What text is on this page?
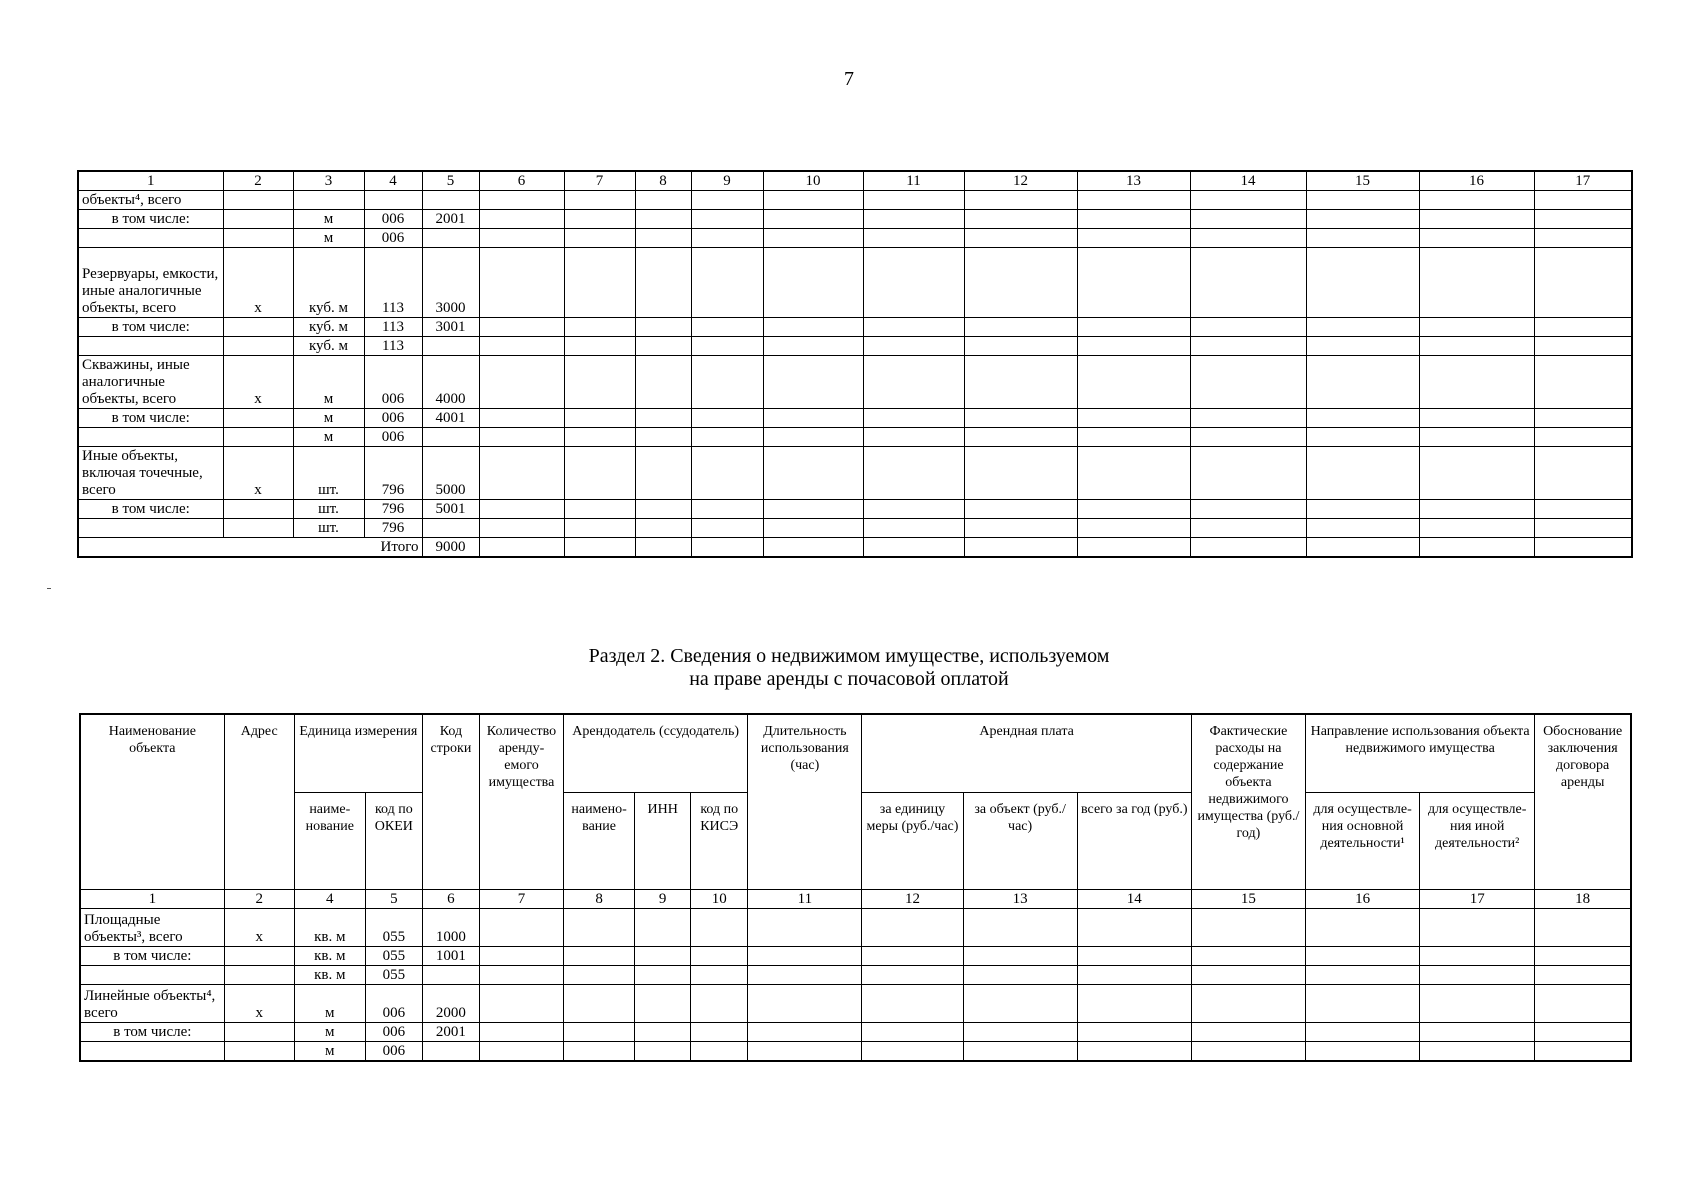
7
1	2	3	4	5	6	7	8	9	10	11	12	13	14	15	16	17
объекты⁴, всего																
в том числе:		м	006	2001												
		м	006													
Резервуары, емкости, иные аналогичные объекты, всего	х	куб. м	113	3000												
в том числе:		куб. м	113	3001												
		куб. м	113													
Скважины, иные аналогичные объекты, всего	х	м	006	4000												
в том числе:		м	006	4001												
		м	006													
Иные объекты, включая точечные, всего	х	шт.	796	5000												
в том числе:		шт.	796	5001												
		шт.	796													
Итого				9000												
Раздел 2. Сведения о недвижимом имуществе, используемом
на праве аренды с почасовой оплатой
Наименование объекта	Адрес	Единица измерения		Код строки	Количество аренду-емого имущества	Арендодатель (ссудодатель)			Длительность использования (час)	Арендная плата			Фактические расходы на содержание объекта недвижимого имущества (руб./год)	Направление использования объекта недвижимого имущества		Обоснование заключения договора аренды
		наиме-нование	код по ОКЕИ			наимено-вание	ИНН	код по КИСЭ		за единицу меры (руб./час)	за объект (руб./час)	всего за год (руб.)		для осуществле-ния основной деятельности¹	для осуществле-ния иной деятельности²	
1	2	4	5	6	7	8	9	10	11	12	13	14	15	16	17	18
Площадные объекты³, всего	х	кв. м	055	1000												
в том числе:		кв. м	055	1001												
		кв. м	055													
Линейные объекты⁴, всего	х	м	006	2000												
в том числе:		м	006	2001												
		м	006													
